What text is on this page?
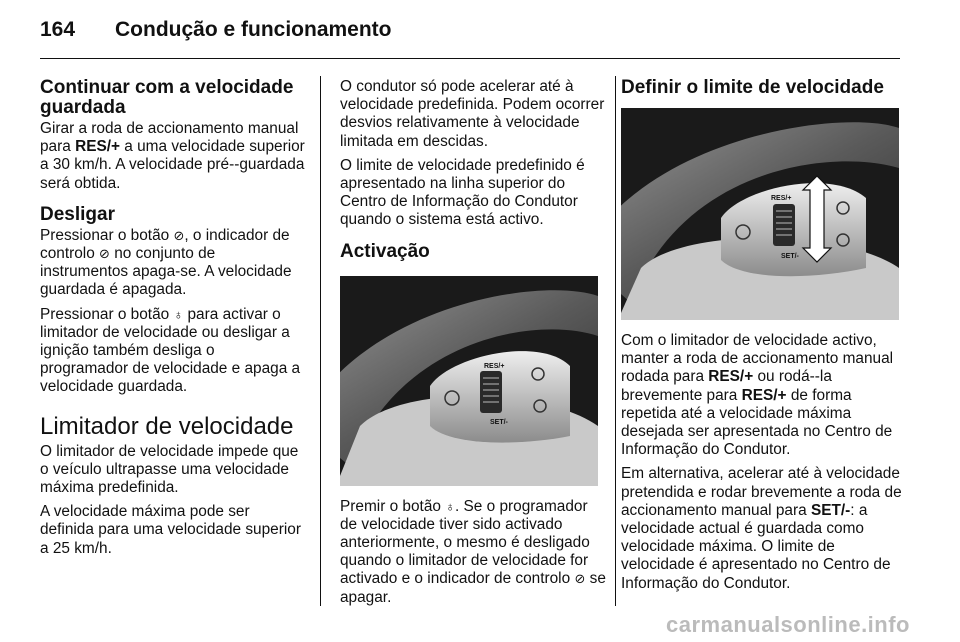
164 Condução e funcionamento
Continuar com a velocidade guardada

Girar a roda de accionamento manual para RES/+ a uma velocidade superior a 30 km/h. A velocidade pré-‑guardada será obtida.

Desligar

Pressionar o botão ⊘, o indicador de controlo ⊘ no conjunto de instrumentos apaga-se. A velocidade guardada é apagada.

Pressionar o botão ♁ para activar o limitador de velocidade ou desligar a ignição também desliga o programador de velocidade e apaga a velocidade guardada.

Limitador de velocidade

O limitador de velocidade impede que o veículo ultrapasse uma velocidade máxima predefinida.

A velocidade máxima pode ser definida para uma velocidade superior a 25 km/h.

O condutor só pode acelerar até à velocidade predefinida. Podem ocorrer desvios relativamente à velocidade limitada em descidas.

O limite de velocidade predefinido é apresentado na linha superior do Centro de Informação do Condutor quando o sistema está activo.

Activação
RES/+
SET/-

Premir o botão ♁. Se o programador de velocidade tiver sido activado anteriormente, o mesmo é desligado quando o limitador de velocidade for activado e o indicador de controlo ⊘ se apagar.

Definir o limite de velocidade
RES/+
SET/-

Com o limitador de velocidade activo, manter a roda de accionamento manual rodada para RES/+ ou rodá-‑la brevemente para RES/+ de forma repetida até a velocidade máxima desejada ser apresentada no Centro de Informação do Condutor.

Em alternativa, acelerar até à velocidade pretendida e rodar brevemente a roda de accionamento manual para SET/-: a velocidade actual é guardada como velocidade máxima. O limite de velocidade é apresentado no Centro de Informação do Condutor.

carmanualsonline.info
